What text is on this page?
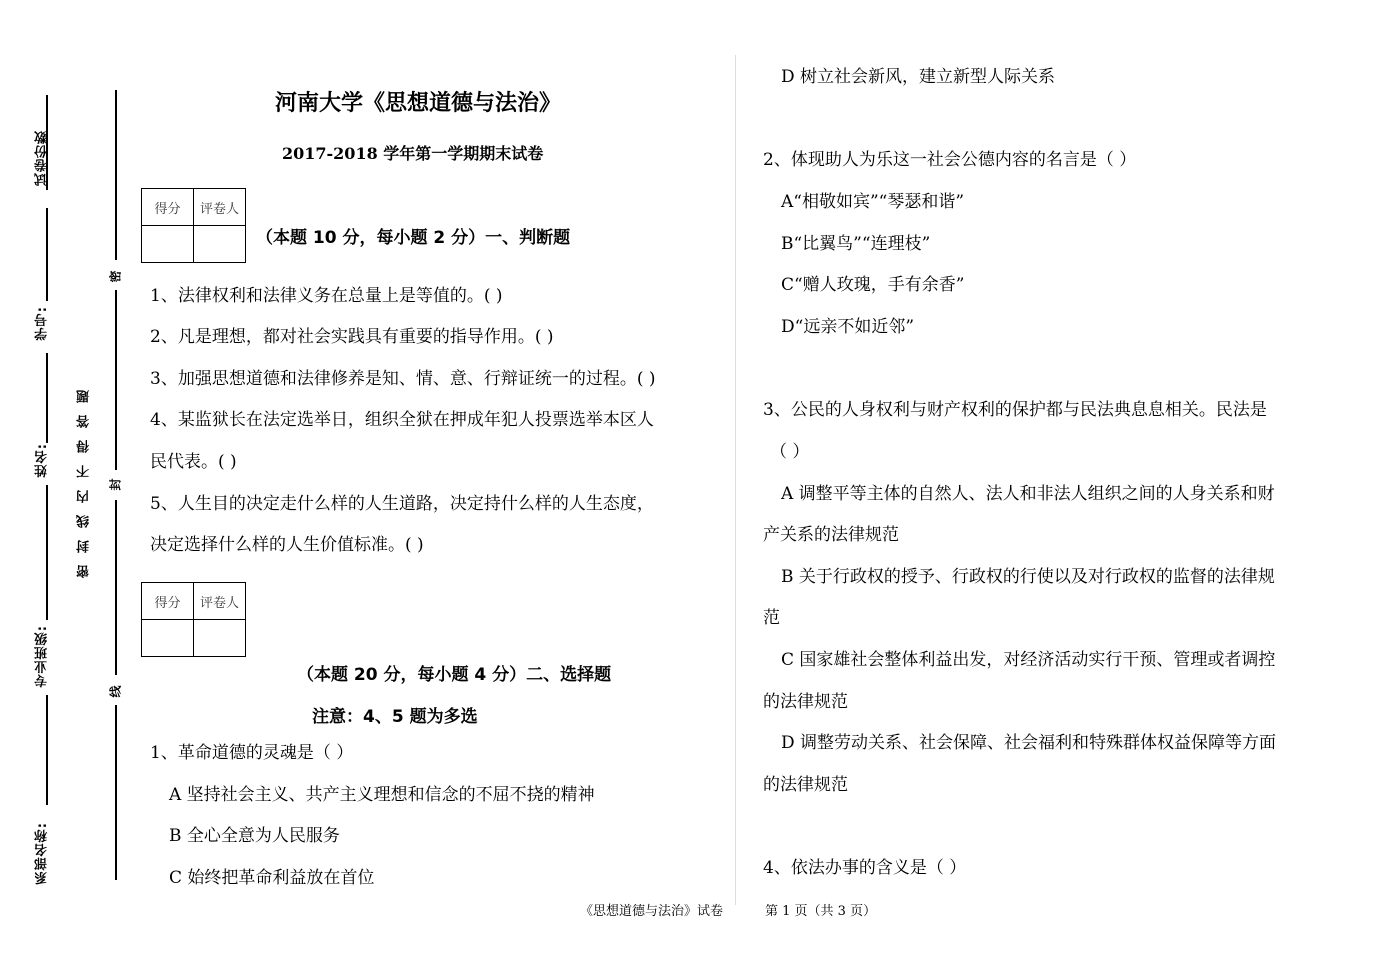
试卷份数
学号:
姓名:
专业班级:
系部名称:
密封线内不得答题
密
封
线
河南大学《思想道德与法治》
2017-2018 学年第一学期期末试卷
得分	评卷人

（本题 10 分，每小题 2 分）一、判断题
1、法律权利和法律义务在总量上是等值的。( )
2、凡是理想，都对社会实践具有重要的指导作用。( )
3、加强思想道德和法律修养是知、情、意、行辩证统一的过程。( )
4、某监狱长在法定选举日，组织全狱在押成年犯人投票选举本区人
民代表。( )
5、人生目的决定走什么样的人生道路，决定持什么样的人生态度，
决定选择什么样的人生价值标准。( )
得分	评卷人

（本题 20 分，每小题 4 分）二、选择题
注意：4、5 题为多选
1、革命道德的灵魂是（ ）
A 坚持社会主义、共产主义理想和信念的不屈不挠的精神
B 全心全意为人民服务
C 始终把革命利益放在首位
D 树立社会新风，建立新型人际关系
2、体现助人为乐这一社会公德内容的名言是（ ）
A“相敬如宾”“琴瑟和谐”
B“比翼鸟”“连理枝”
C“赠人玫瑰，手有余香”
D“远亲不如近邻”
3、公民的人身权利与财产权利的保护都与民法典息息相关。民法是
（ ）
A 调整平等主体的自然人、法人和非法人组织之间的人身关系和财
产关系的法律规范
B 关于行政权的授予、行政权的行使以及对行政权的监督的法律规
范
C 国家雄社会整体利益出发，对经济活动实行干预、管理或者调控
的法律规范
D 调整劳动关系、社会保障、社会福利和特殊群体权益保障等方面
的法律规范
4、依法办事的含义是（ ）
《思想道德与法治》试卷	第 1 页（共 3 页）
